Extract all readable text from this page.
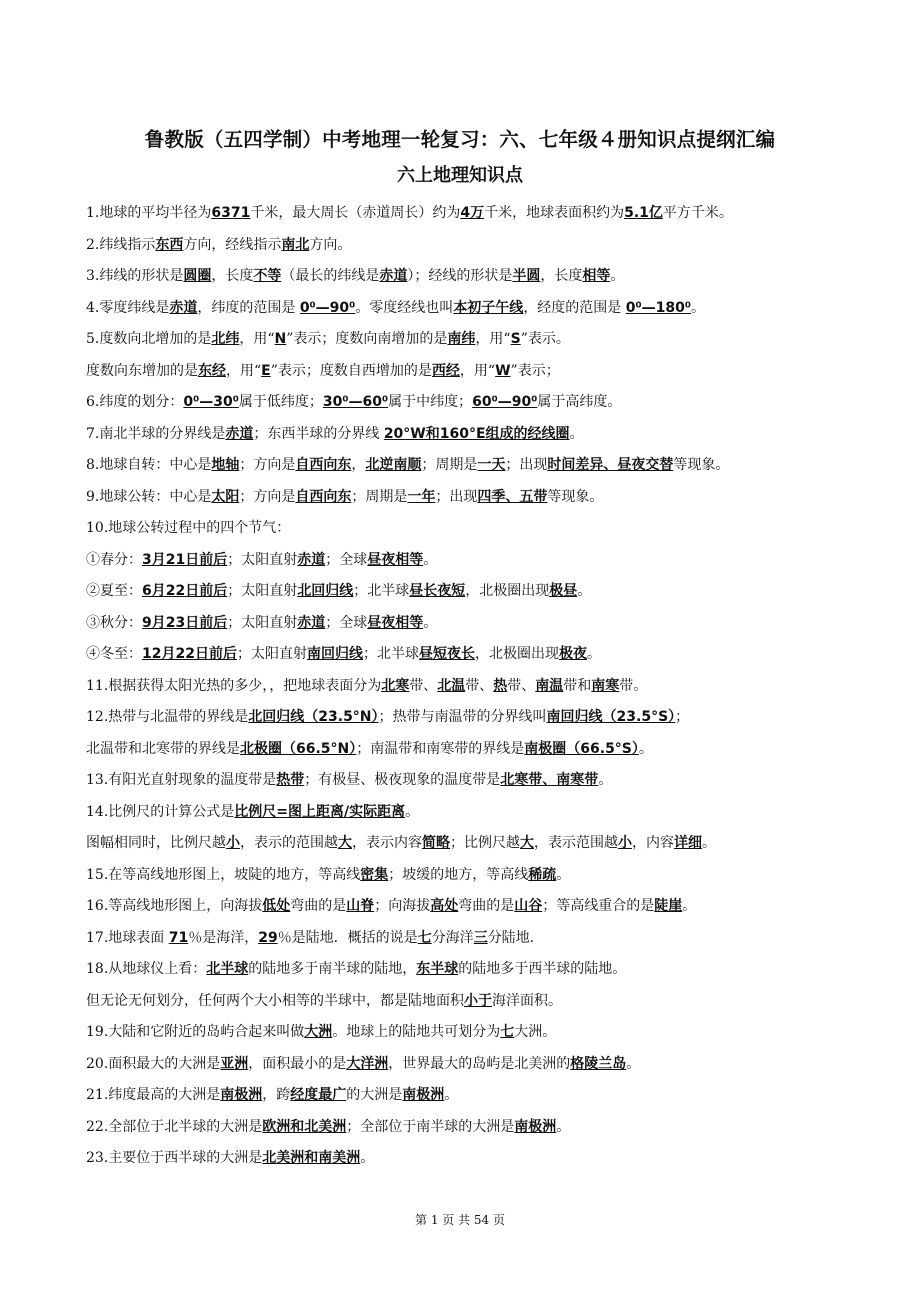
鲁教版（五四学制）中考地理一轮复习：六、七年级４册知识点提纲汇编
六上地理知识点
1.地球的平均半径为6371千米，最大周长（赤道周长）约为4万千米，地球表面积约为5.1亿平方千米。
2.纬线指示东西方向，经线指示南北方向。
3.纬线的形状是圆圈，长度不等（最长的纬线是赤道）；经线的形状是半圆，长度相等。
4.零度纬线是赤道，纬度的范围是 0⁰—90⁰。零度经线也叫本初子午线，经度的范围是 0⁰—180⁰。
5.度数向北增加的是北纬，用“N”表示；度数向南增加的是南纬，用“S”表示。
度数向东增加的是东经，用“E”表示；度数自西增加的是西经，用“W”表示；
6.纬度的划分：0⁰—30⁰属于低纬度；30⁰—60⁰属于中纬度；60⁰—90⁰属于高纬度。
7.南北半球的分界线是赤道；东西半球的分界线 20°W和160°E组成的经线圈。
8.地球自转：中心是地轴；方向是自西向东，北逆南顺；周期是一天；出现时间差异、昼夜交替等现象。
9.地球公转：中心是太阳；方向是自西向东；周期是一年；出现四季、五带等现象。
10.地球公转过程中的四个节气：
①春分：3月21日前后；太阳直射赤道；全球昼夜相等。
②夏至：6月22日前后；太阳直射北回归线；北半球昼长夜短，北极圈出现极昼。
③秋分：9月23日前后；太阳直射赤道；全球昼夜相等。
④冬至：12月22日前后；太阳直射南回归线；北半球昼短夜长，北极圈出现极夜。
11.根据获得太阳光热的多少，，把地球表面分为北寒带、北温带、热带、南温带和南寒带。
12.热带与北温带的界线是北回归线（23.5°N）；热带与南温带的分界线叫南回归线（23.5°S）；
北温带和北寒带的界线是北极圈（66.5°N）；南温带和南寒带的界线是南极圈（66.5°S）。
13.有阳光直射现象的温度带是热带；有极昼、极夜现象的温度带是北寒带、南寒带。
14.比例尺的计算公式是比例尺=图上距离/实际距离。
图幅相同时，比例尺越小，表示的范围越大，表示内容简略；比例尺越大，表示范围越小，内容详细。
15.在等高线地形图上，坡陡的地方，等高线密集；坡缓的地方，等高线稀疏。
16.等高线地形图上，向海拔低处弯曲的是山脊；向海拔高处弯曲的是山谷；等高线重合的是陡崖。
17.地球表面 71％是海洋，29％是陆地．概括的说是七分海洋三分陆地．
18.从地球仪上看：北半球的陆地多于南半球的陆地，东半球的陆地多于西半球的陆地。
但无论无何划分，任何两个大小相等的半球中，都是陆地面积小于海洋面积。
19.大陆和它附近的岛屿合起来叫做大洲。地球上的陆地共可划分为七大洲。
20.面积最大的大洲是亚洲，面积最小的是大洋洲，世界最大的岛屿是北美洲的格陵兰岛。
21.纬度最高的大洲是南极洲，跨经度最广的大洲是南极洲。
22.全部位于北半球的大洲是欧洲和北美洲；全部位于南半球的大洲是南极洲。
23.主要位于西半球的大洲是北美洲和南美洲。
第 1 页 共 54 页
